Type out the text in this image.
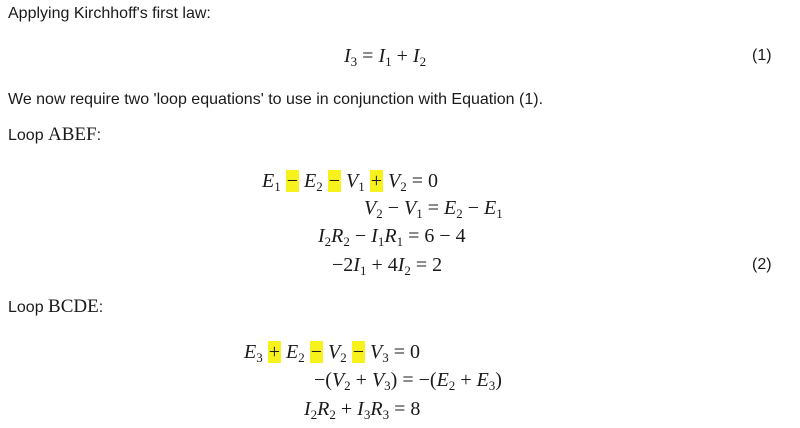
Applying Kirchhoff's first law:
$I_3 = I_1 + I_2$	(1)
We now require two 'loop equations' to use in conjunction with Equation (1).
Loop ABEF:
$E_1 - E_2 - V_1 + V_2 = 0$
$V_2 - V_1 = E_2 - E_1$
$I_2R_2 - I_1R_1 = 6 - 4$
$-2I_1 + 4I_2 = 2$	(2)
Loop BCDE:
$E_3 + E_2 - V_2 - V_3 = 0$
$-(V_2 + V_3) = -(E_2 + E_3)$
$I_2R_2 + I_3R_3 = 8$
